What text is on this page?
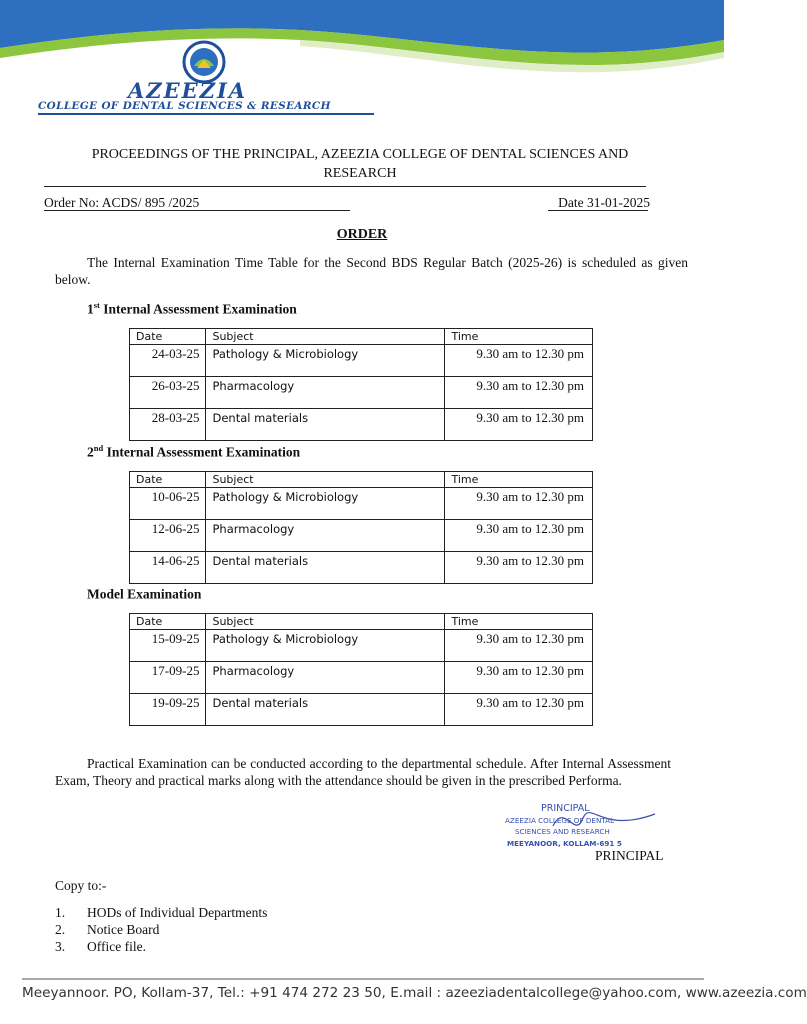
AZEEZIA
COLLEGE OF DENTAL SCIENCES & RESEARCH
PROCEEDINGS OF THE PRINCIPAL, AZEEZIA COLLEGE OF DENTAL SCIENCES AND RESEARCH
Order No: ACDS/ 895 /2025	Date 31-01-2025
ORDER
The Internal Examination Time Table for the Second BDS Regular Batch (2025-26) is scheduled as given below.
1st Internal Assessment Examination
Date	Subject	Time
24-03-25	Pathology & Microbiology	9.30 am to 12.30 pm
26-03-25	Pharmacology	9.30 am to 12.30 pm
28-03-25	Dental materials	9.30 am to 12.30 pm
2nd Internal Assessment Examination
Date	Subject	Time
10-06-25	Pathology & Microbiology	9.30 am to 12.30 pm
12-06-25	Pharmacology	9.30 am to 12.30 pm
14-06-25	Dental materials	9.30 am to 12.30 pm
Model Examination
Date	Subject	Time
15-09-25	Pathology & Microbiology	9.30 am to 12.30 pm
17-09-25	Pharmacology	9.30 am to 12.30 pm
19-09-25	Dental materials	9.30 am to 12.30 pm
Practical Examination can be conducted according to the departmental schedule. After Internal Assessment Exam, Theory and practical marks along with the attendance should be given in the prescribed Performa.
PRINCIPAL
AZEEZIA COLLEGE OF DENTAL
SCIENCES AND RESEARCH
MEEYANOOR, KOLLAM-691 5
PRINCIPAL
Copy to:-
1. HODs of Individual Departments
2. Notice Board
3. Office file.
Meeyannoor. PO, Kollam-37, Tel.: +91 474 272 23 50, E.mail : azeeziadentalcollege@yahoo.com, www.azeezia.com
